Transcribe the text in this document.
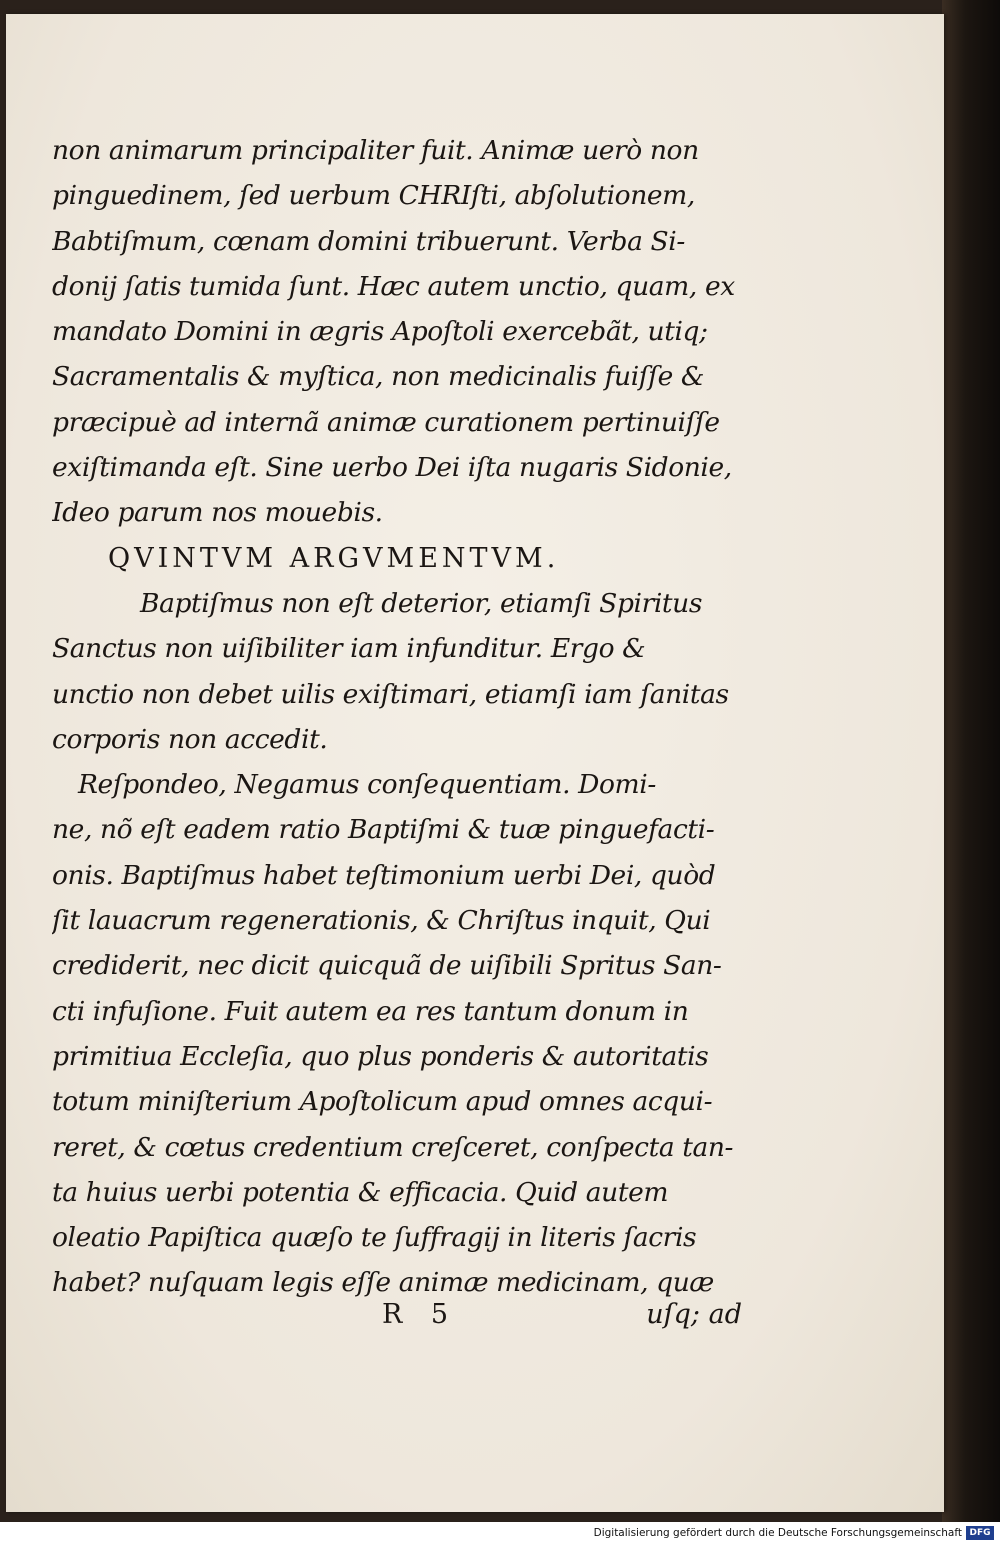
non animarum principaliter fuit. Animæ uerò non
pinguedinem, ſed uerbum CHRIſti, abſolutionem,
Babtiſmum, cœnam domini tribuerunt. Verba Si-
donij ſatis tumida ſunt. Hæc autem unctio, quam, ex
mandato Domini in ægris Apoſtoli exercebãt, utiq;
Sacramentalis & myſtica, non medicinalis fuiſſe &
præcipuè ad internã animæ curationem pertinuiſſe
exiſtimanda eſt. Sine uerbo Dei iſta nugaris Sidonie,
Ideo parum nos mouebis.
QVINTVM ARGVMENTVM.
Baptiſmus non eſt deterior, etiamſi Spiritus
Sanctus non uiſibiliter iam infunditur. Ergo &
unctio non debet uilis exiſtimari, etiamſi iam ſanitas
corporis non accedit.
Reſpondeo, Negamus conſequentiam. Domi-
ne, nõ eſt eadem ratio Baptiſmi & tuæ pinguefacti-
onis. Baptiſmus habet teſtimonium uerbi Dei, quòd
ſit lauacrum regenerationis, & Chriſtus inquit, Qui
crediderit, nec dicit quicquã de uiſibili Spritus San-
cti infuſione. Fuit autem ea res tantum donum in
primitiua Eccleſia, quo plus ponderis & autoritatis
totum miniſterium Apoſtolicum apud omnes acqui-
reret, & cœtus credentium creſceret, conſpecta tan-
ta huius uerbi potentia & efficacia. Quid autem
oleatio Papiſtica quæſo te ſuffragij in literis ſacris
habet? nuſquam legis eſſe animæ medicinam, quæ
R 5	uſq; ad
Digitalisierung gefördert durch die Deutsche Forschungsgemeinschaft DFG
